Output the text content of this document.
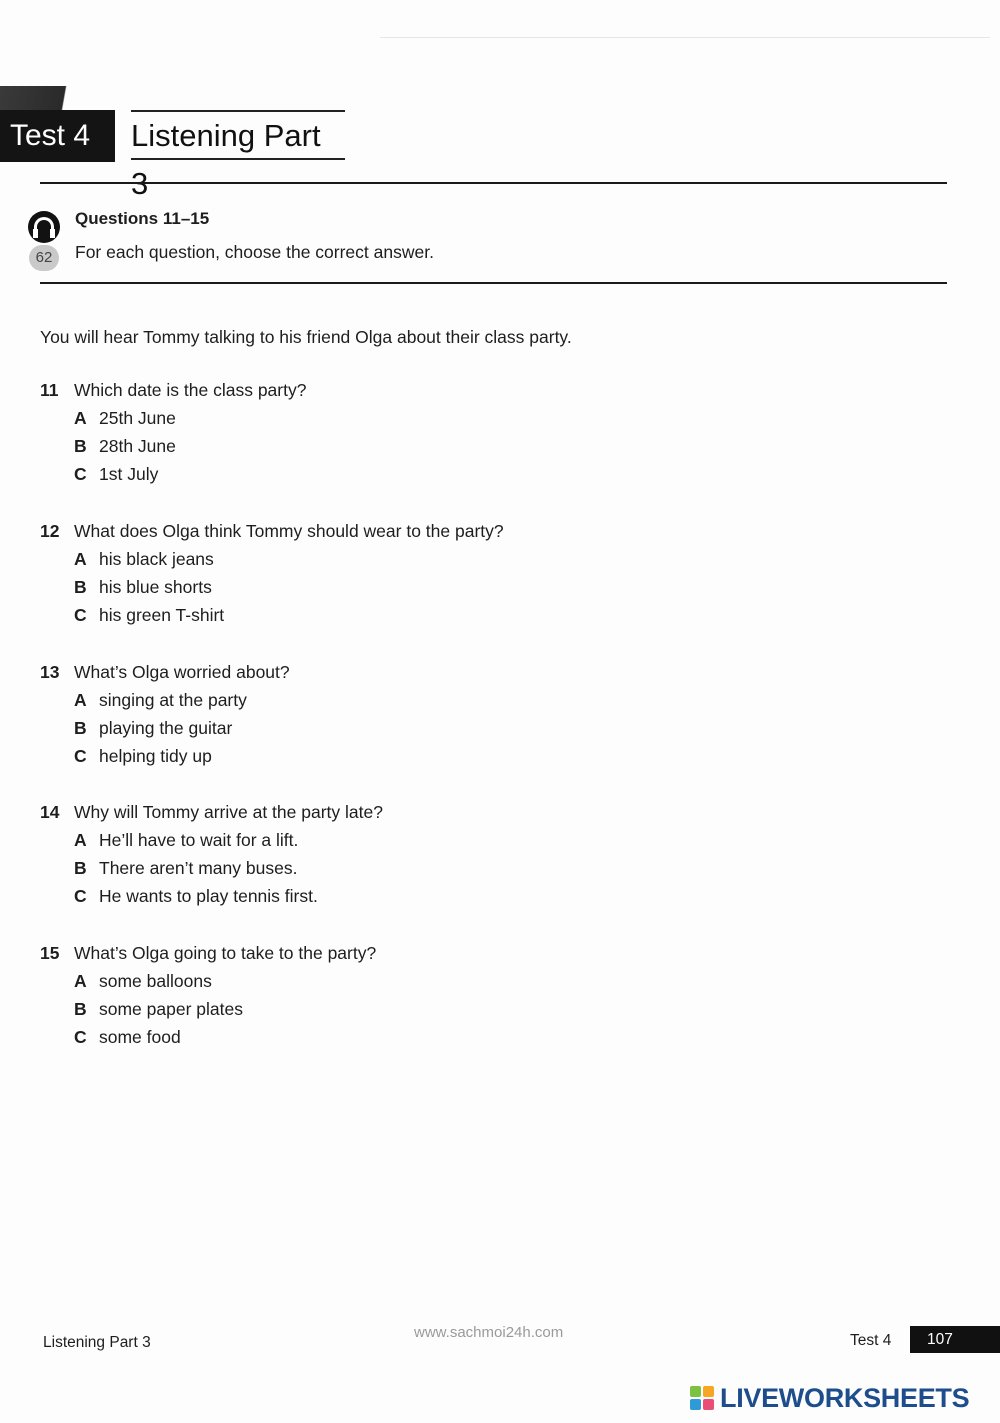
Test 4	Listening Part
62
Questions 11–15
For each question, choose the correct answer.
You will hear Tommy talking to his friend Olga about their class party.
11 Which date is the class party?
A 25th June
B 28th June
C 1st July
12 What does Olga think Tommy should wear to the party?
A his black jeans
B his blue shorts
C his green T-shirt
13 What’s Olga worried about?
A singing at the party
B playing the guitar
C helping tidy up
14 Why will Tommy arrive at the party late?
A He’ll have to wait for a lift.
B There aren’t many buses.
C He wants to play tennis first.
15 What’s Olga going to take to the party?
A some balloons
B some paper plates
C some food
Listening Part 3
www.sachmoi24h.com	Test 4	107
LIVEWORKSHEETS
